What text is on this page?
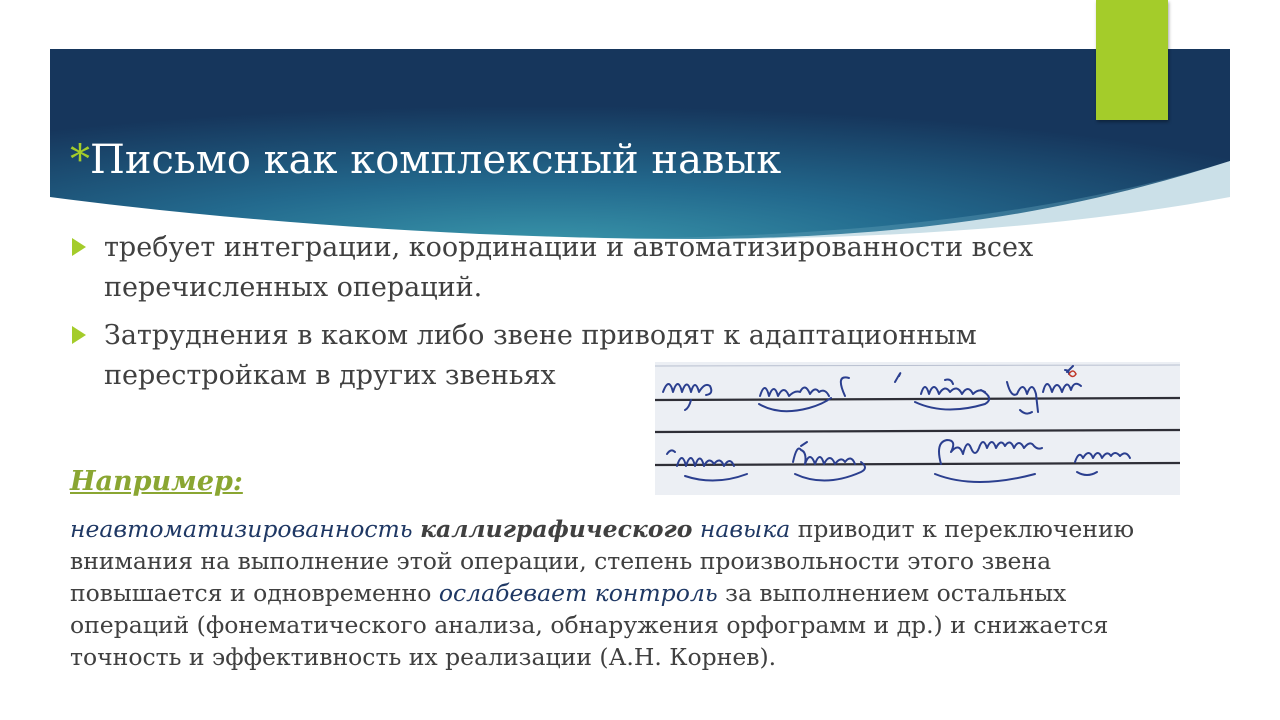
*Письмо как комплексный навык
требует интеграции, координации и автоматизированности всех перечисленных операций.
Затруднения в каком либо звене приводят к адаптационным перестройкам в других звеньях
Например:

неавтоматизированность каллиграфического навыка приводит к переключению внимания на выполнение этой операции, степень произвольности этого звена повышается и одновременно ослабевает контроль за выполнением остальных операций (фонематического анализа, обнаружения орфограмм и др.) и снижается точность и эффективность их реализации (А.Н. Корнев).
